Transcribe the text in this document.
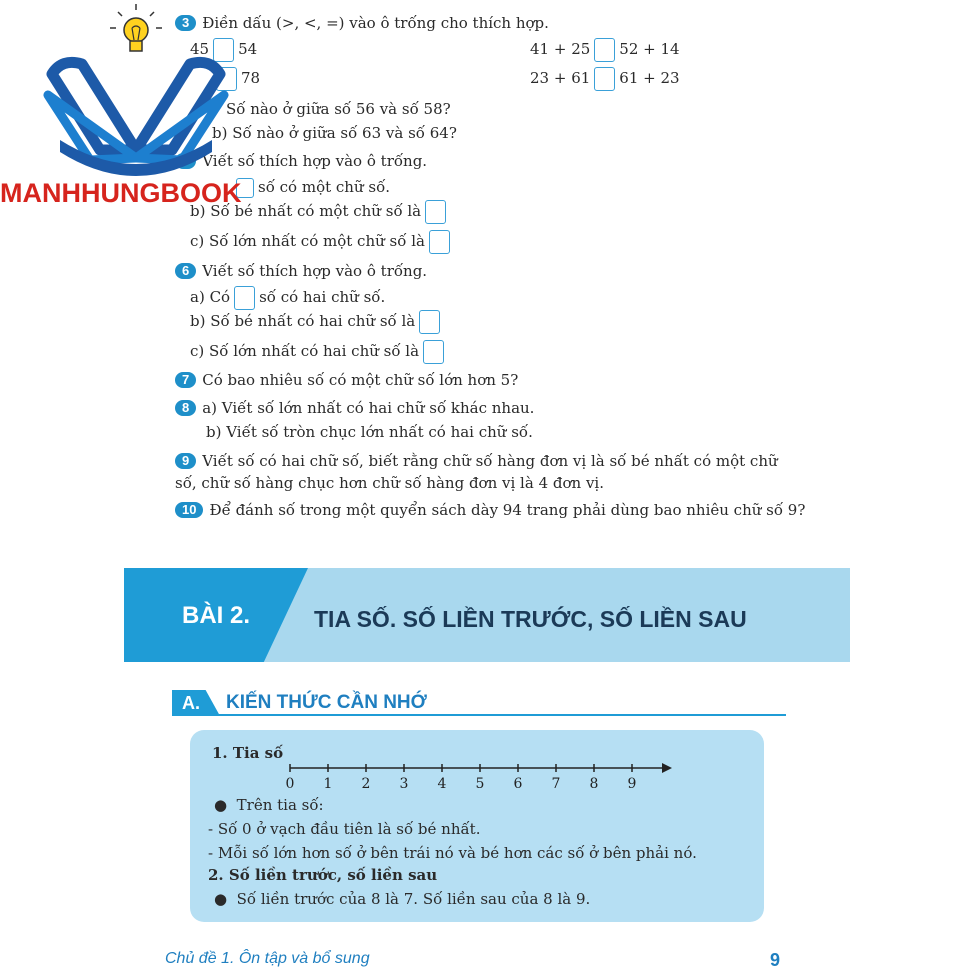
3 Điền dấu (>, <, =) vào ô trống cho thích hợp.
45 54	41 + 25 52 + 14
78	23 + 61 61 + 23
Số nào ở giữa số 56 và số 58?
b) Số nào ở giữa số 63 và số 64?
Viết số thích hợp vào ô trống.
số có một chữ số.
b) Số bé nhất có một chữ số là
c) Số lớn nhất có một chữ số là
6 Viết số thích hợp vào ô trống.
a) Có số có hai chữ số.
b) Số bé nhất có hai chữ số là
c) Số lớn nhất có hai chữ số là
7 Có bao nhiêu số có một chữ số lớn hơn 5?
8 a) Viết số lớn nhất có hai chữ số khác nhau.
b) Viết số tròn chục lớn nhất có hai chữ số.
9 Viết số có hai chữ số, biết rằng chữ số hàng đơn vị là số bé nhất có một chữ
số, chữ số hàng chục hơn chữ số hàng đơn vị là 4 đơn vị.
10 Để đánh số trong một quyển sách dày 94 trang phải dùng bao nhiêu chữ số 9?
MANHHUNGBOOK
BÀI 2.	TIA SỐ. SỐ LIỀN TRƯỚC, SỐ LIỀN SAU
A. KIẾN THỨC CẦN NHỚ
1. Tia số
0 1 2 3 4 5 6 7 8 9
● Trên tia số:
- Số 0 ở vạch đầu tiên là số bé nhất.
- Mỗi số lớn hơn số ở bên trái nó và bé hơn các số ở bên phải nó.
2. Số liền trước, số liền sau
● Số liền trước của 8 là 7. Số liền sau của 8 là 9.
Chủ đề 1. Ôn tập và bổ sung	9
